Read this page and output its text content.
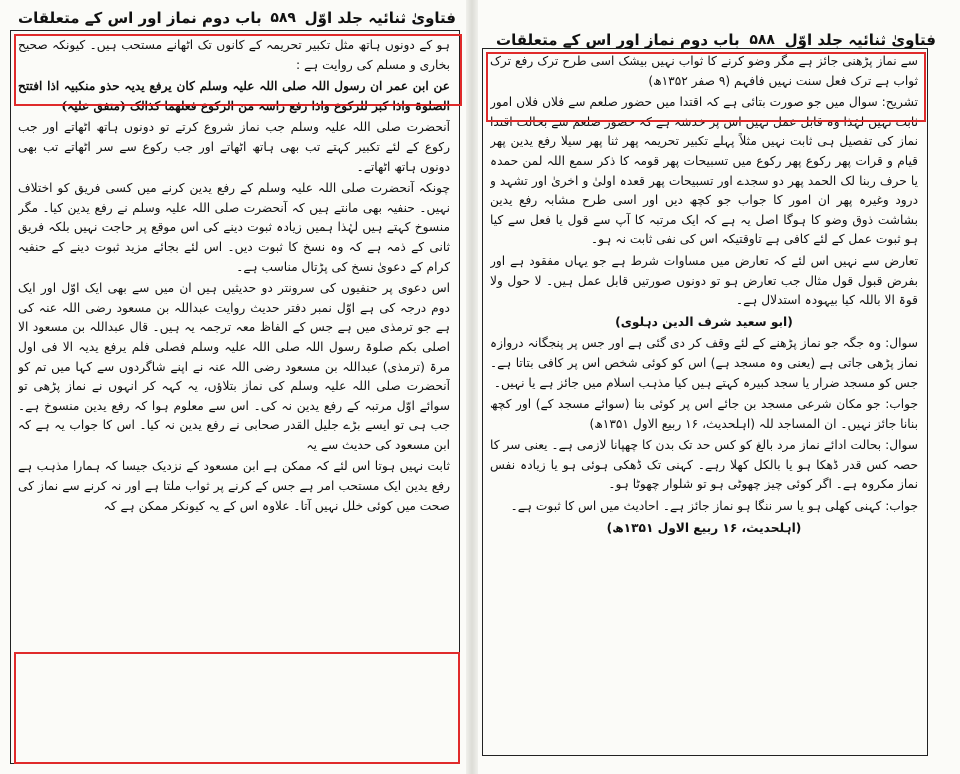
فتاویٰ ثنائیہ جلد اوّل
۵۸۹
باب دوم نماز اور اس کے متعلقات

ہو کے دونوں ہاتھ مثل تکبیر تحریمہ کے کانوں تک اٹھانے مستحب ہیں۔ کیونکہ صحیح بخاری و مسلم کی روایت ہے :

عن ابن عمر ان رسول اللہ صلی اللہ علیہ وسلم کان یرفع یدیہ حذو منکبیہ اذا افتتح الصلوۃ واذا کبر للرکوع واذا رفع راسہ من الرکوع فعلھما کذالک (متفق علیہ)

آنحضرت صلی اللہ علیہ وسلم جب نماز شروع کرتے تو دونوں ہاتھ اٹھاتے اور جب رکوع کے لئے تکبیر کہتے تب بھی ہاتھ اٹھاتے اور جب رکوع سے سر اٹھاتے تب بھی دونوں ہاتھ اٹھاتے۔

چونکہ آنحضرت صلی اللہ علیہ وسلم کے رفع یدین کرنے میں کسی فریق کو اختلاف نہیں۔ حنفیہ بھی مانتے ہیں کہ آنحضرت صلی اللہ علیہ وسلم نے رفع یدین کیا۔ مگر منسوخ کہتے ہیں لہٰذا ہمیں زیادہ ثبوت دینے کی اس موقع پر حاجت نہیں بلکہ فریق ثانی کے ذمہ ہے کہ وہ نسخ کا ثبوت دیں۔ اس لئے بجائے مزید ثبوت دینے کے حنفیہ کرام کے دعویٰ نسخ کی پڑتال مناسب ہے۔

اس دعوی پر حنفیوں کی سرونتر دو حدیثیں ہیں ان میں سے بھی ایک اوّل اور ایک دوم درجہ کی ہے اوّل نمبر دفتر حدیث روایت عبداللہ بن مسعود رضی اللہ عنہ کی ہے جو ترمذی میں ہے جس کے الفاظ معہ ترجمہ یہ ہیں۔ قال عبداللہ بن مسعود الا اصلی بکم صلوۃ رسول اللہ صلی اللہ علیہ وسلم فصلی فلم یرفع یدیہ الا فی اول مرۃ (ترمذی) عبداللہ بن مسعود رضی اللہ عنہ نے اپنے شاگردوں سے کہا میں تم کو آنحضرت صلی اللہ علیہ وسلم کی نماز بتلاؤں، یہ کہہ کر انہوں نے نماز پڑھی تو سوائے اوّل مرتبہ کے رفع یدین نہ کی۔ اس سے معلوم ہوا کہ رفع یدین منسوخ ہے۔ جب ہی تو ایسے بڑے جلیل القدر صحابی نے رفع یدین نہ کیا۔ اس کا جواب یہ ہے کہ ابن مسعود کی حدیث سے یہ

ثابت نہیں ہوتا اس لئے کہ ممکن ہے ابن مسعود کے نزدیک جیسا کہ ہمارا مذہب ہے رفع یدین ایک مستحب امر ہے جس کے کرنے پر ثواب ملتا ہے اور نہ کرنے سے نماز کی صحت میں کوئی خلل نہیں آتا۔ علاوہ اس کے یہ کیونکر ممکن ہے کہ

فتاویٰ ثنائیہ جلد اوّل
۵۸۸
باب دوم نماز اور اس کے متعلقات

سے نماز پڑھنی جائز ہے مگر وضو کرنے کا ثواب نہیں بیشک اسی طرح ترک رفع ترک ثواب ہے ترک فعل سنت نہیں فافہم (۹ صفر ۱۳۵۲ھ)

تشریح: سوال میں جو صورت بتائی ہے کہ اقتدا میں حضور صلعم سے فلاں فلاں امور ثابت نہیں لہٰذا وہ قابل عمل نہیں اس پر خدشہ ہے کہ حضور صلعم سے بحالت اقتدا نماز کی تفصیل ہی ثابت نہیں مثلاً پہلے تکبیر تحریمہ پھر ثنا پھر سیلا رفع یدین پھر قیام و قرات پھر رکوع پھر رکوع میں تسبیحات پھر قومہ کا ذکر سمع اللہ لمن حمدہ یا حرف ربنا لک الحمد پھر دو سجدے اور تسبیحات پھر قعدہ اولیٰ و اخریٰ اور تشہد و درود وغیرہ پھر ان امور کا جواب جو کچھ دیں اور اسی طرح مشابہ رفع یدین بشاشت ذوق وضو کا ہوگا اصل یہ ہے کہ ایک مرتبہ کا آپ سے قول یا فعل سے کیا ہو ثبوت عمل کے لئے کافی ہے تاوقتیکہ اس کی نفی ثابت نہ ہو۔

تعارض سے نہیں اس لئے کہ تعارض میں مساوات شرط ہے جو یہاں مفقود ہے اور بفرض قبول قول مثال جب تعارض ہو تو دونوں صورتیں قابل عمل ہیں۔ لا حول ولا قوۃ الا باللہ کیا بیہودہ استدلال ہے۔

(ابو سعید شرف الدین دہلوی)

سوال: وہ جگہ جو نماز پڑھنے کے لئے وقف کر دی گئی ہے اور جس پر پنجگانہ دروازہ نماز پڑھی جاتی ہے (یعنی وہ مسجد ہے) اس کو کوئی شخص اس پر کافی بتاتا ہے۔ جس کو مسجد ضرار یا سجد کبیرہ کہتے ہیں کیا مذہب اسلام میں جائز ہے یا نہیں۔

جواب: جو مکان شرعی مسجد بن جائے اس پر کوئی بنا (سوائے مسجد کے) اور کچھ بنانا جائز نہیں۔ ان المساجد للہ (اہلحدیث، ۱۶ ربیع الاول ۱۳۵۱ھ)

سوال: بحالت ادائے نماز مرد بالغ کو کس حد تک بدن کا چھپانا لازمی ہے۔ یعنی سر کا حصہ کس قدر ڈھکا ہو یا بالکل کھلا رہے۔ کہنی تک ڈھکی ہوئی ہو یا زیادہ نفس نماز مکروہ ہے۔ اگر کوئی چیز چھوٹی ہو تو شلوار چھوٹا ہو۔

جواب: کہنی کھلی ہو یا سر ننگا ہو نماز جائز ہے۔ احادیث میں اس کا ثبوت ہے۔

(اہلحدیث، ۱۶ ربیع الاول ۱۳۵۱ھ)
